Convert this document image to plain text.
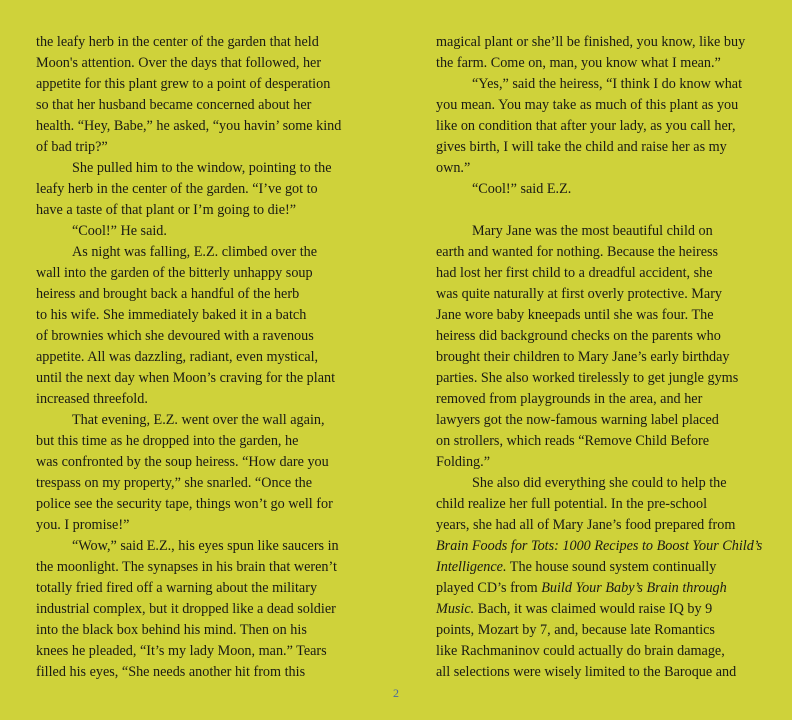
the leafy herb in the center of the garden that held
Moon's attention. Over the days that followed, her
appetite for this plant grew to a point of desperation
so that her husband became concerned about her
health. “Hey, Babe,” he asked, “you havin’ some kind
of bad trip?”
She pulled him to the window, pointing to the
leafy herb in the center of the garden. “I’ve got to
have a taste of that plant or I’m going to die!”
“Cool!” He said.
As night was falling, E.Z. climbed over the
wall into the garden of the bitterly unhappy soup
heiress and brought back a handful of the herb
to his wife. She immediately baked it in a batch
of brownies which she devoured with a ravenous
appetite. All was dazzling, radiant, even mystical,
until the next day when Moon’s craving for the plant
increased threefold.
That evening, E.Z. went over the wall again,
but this time as he dropped into the garden, he
was confronted by the soup heiress. “How dare you
trespass on my property,” she snarled. “Once the
police see the security tape, things won’t go well for
you. I promise!”
“Wow,” said E.Z., his eyes spun like saucers in
the moonlight. The synapses in his brain that weren’t
totally fried fired off a warning about the military
industrial complex, but it dropped like a dead soldier
into the black box behind his mind. Then on his
knees he pleaded, “It’s my lady Moon, man.” Tears
filled his eyes, “She needs another hit from this
magical plant or she’ll be finished, you know, like buy
the farm. Come on, man, you know what I mean.”
“Yes,” said the heiress, “I think I do know what
you mean. You may take as much of this plant as you
like on condition that after your lady, as you call her,
gives birth, I will take the child and raise her as my
own.”
“Cool!” said E.Z.
Mary Jane was the most beautiful child on
earth and wanted for nothing. Because the heiress
had lost her first child to a dreadful accident, she
was quite naturally at first overly protective. Mary
Jane wore baby kneepads until she was four. The
heiress did background checks on the parents who
brought their children to Mary Jane’s early birthday
parties. She also worked tirelessly to get jungle gyms
removed from playgrounds in the area, and her
lawyers got the now-famous warning label placed
on strollers, which reads “Remove Child Before
Folding.”
She also did everything she could to help the
child realize her full potential. In the pre-school
years, she had all of Mary Jane’s food prepared from
Brain Foods for Tots: 1000 Recipes to Boost Your Child’s
Intelligence. The house sound system continually
played CD’s from Build Your Baby’s Brain through
Music. Bach, it was claimed would raise IQ by 9
points, Mozart by 7, and, because late Romantics
like Rachmaninov could actually do brain damage,
all selections were wisely limited to the Baroque and
2
